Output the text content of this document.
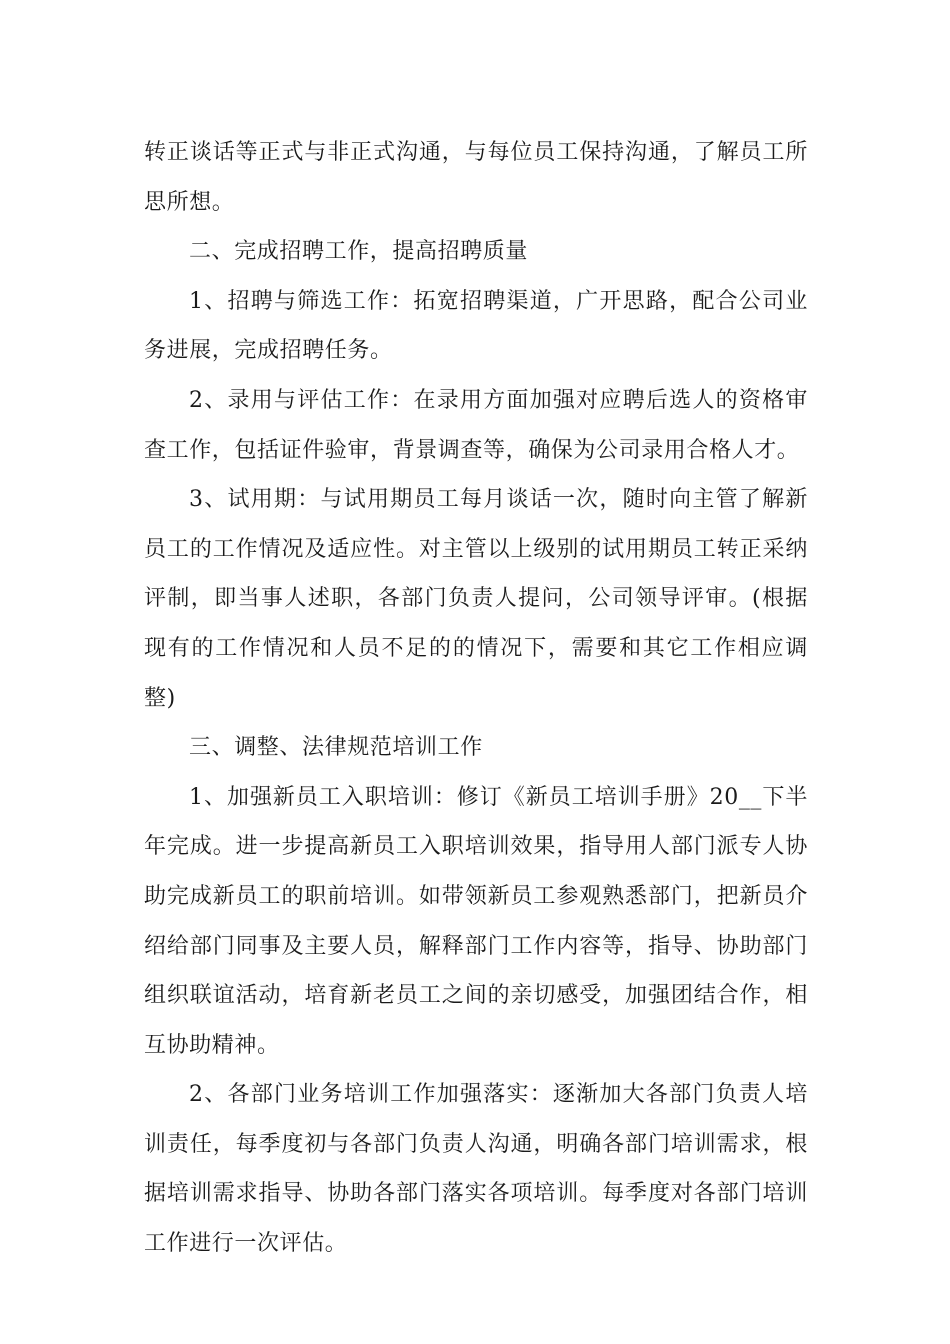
转正谈话等正式与非正式沟通，与每位员工保持沟通，了解员工所思所想。

二、完成招聘工作，提高招聘质量

1、招聘与筛选工作：拓宽招聘渠道，广开思路，配合公司业务进展，完成招聘任务。

2、录用与评估工作：在录用方面加强对应聘后选人的资格审查工作，包括证件验审，背景调查等，确保为公司录用合格人才。

3、试用期：与试用期员工每月谈话一次，随时向主管了解新员工的工作情况及适应性。对主管以上级别的试用期员工转正采纳评制，即当事人述职，各部门负责人提问，公司领导评审。(根据现有的工作情况和人员不足的的情况下，需要和其它工作相应调整)

三、调整、法律规范培训工作

1、加强新员工入职培训：修订《新员工培训手册》20__下半年完成。进一步提高新员工入职培训效果，指导用人部门派专人协助完成新员工的职前培训。如带领新员工参观熟悉部门，把新员介绍给部门同事及主要人员，解释部门工作内容等，指导、协助部门组织联谊活动，培育新老员工之间的亲切感受，加强团结合作，相互协助精神。

2、各部门业务培训工作加强落实：逐渐加大各部门负责人培训责任，每季度初与各部门负责人沟通，明确各部门培训需求，根据培训需求指导、协助各部门落实各项培训。每季度对各部门培训工作进行一次评估。
